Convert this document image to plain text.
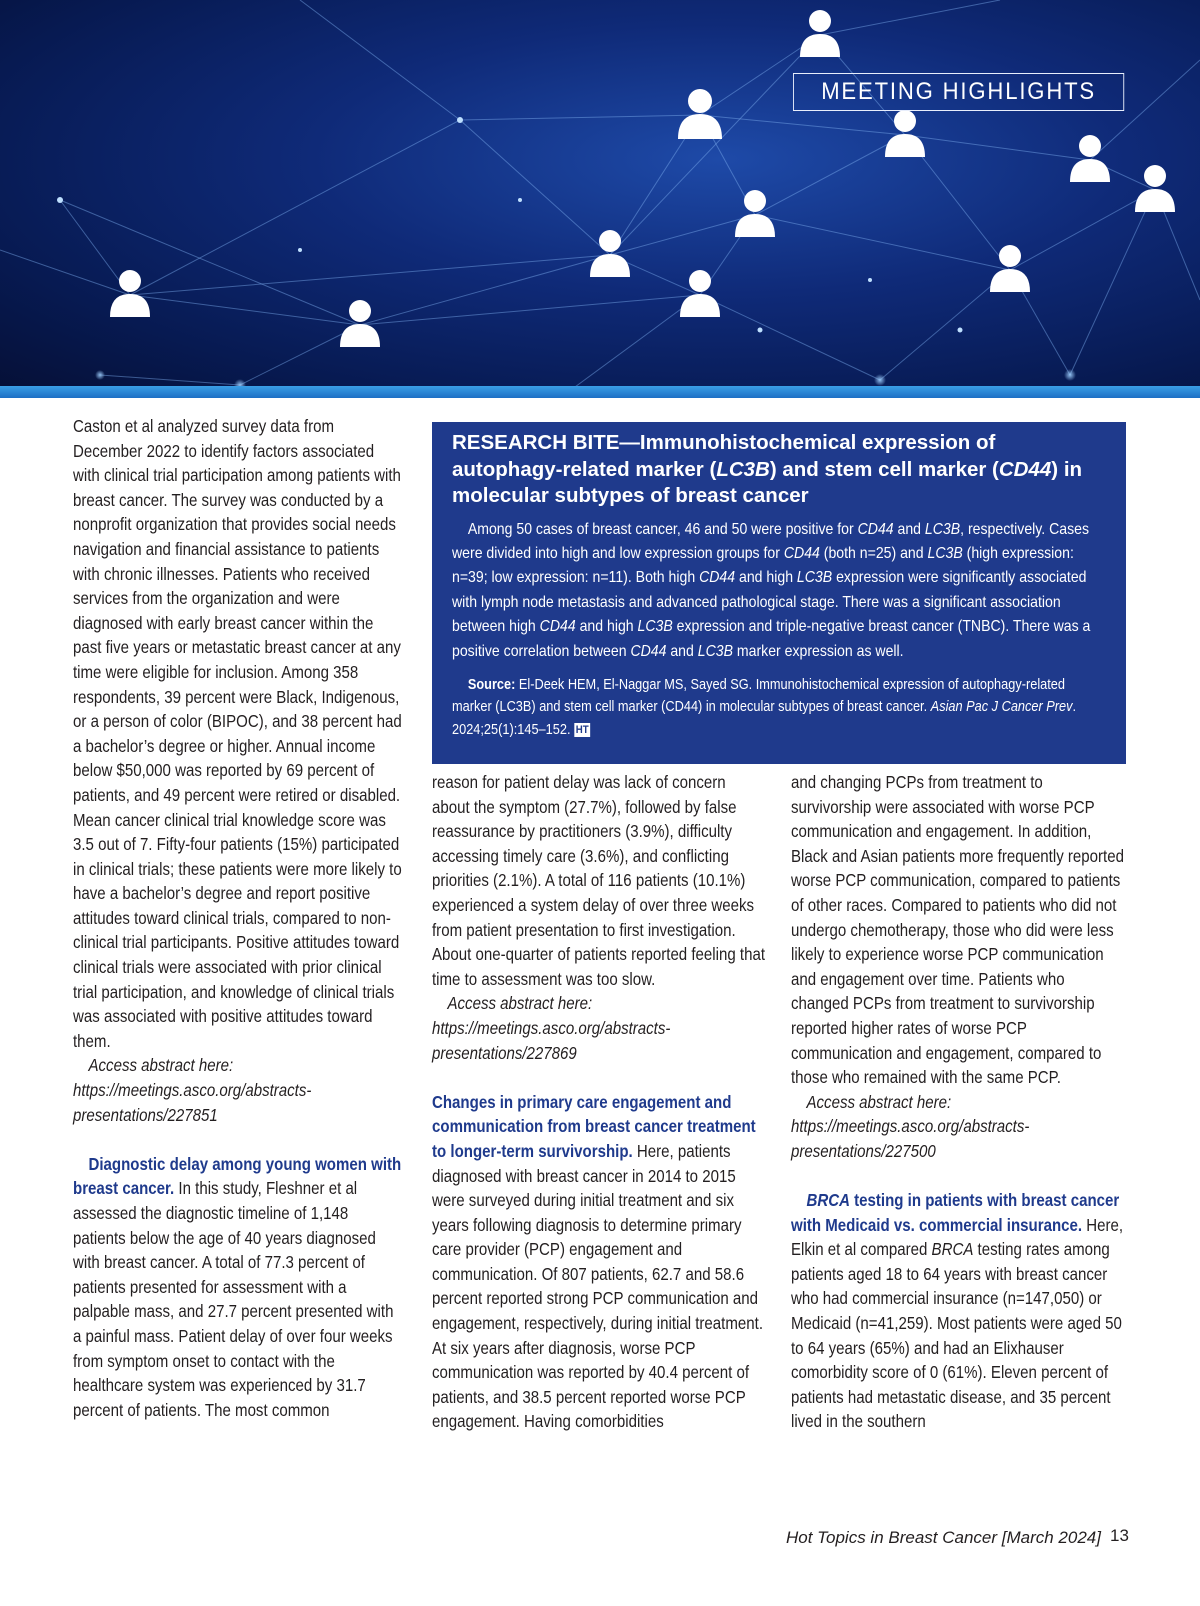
MEETING HIGHLIGHTS

Caston et al analyzed survey data from December 2022 to identify factors associated with clinical trial participation among patients with breast cancer. The survey was conducted by a nonprofit organization that provides social needs navigation and financial assistance to patients with chronic illnesses. Patients who received services from the organization and were diagnosed with early breast cancer within the past five years or metastatic breast cancer at any time were eligible for inclusion. Among 358 respondents, 39 percent were Black, Indigenous, or a person of color (BIPOC), and 38 percent had a bachelor’s degree or higher. Annual income below $50,000 was reported by 69 percent of patients, and 49 percent were retired or disabled. Mean cancer clinical trial knowledge score was 3.5 out of 7. Fifty-four patients (15%) participated in clinical trials; these patients were more likely to have a bachelor’s degree and report positive attitudes toward clinical trials, compared to non-clinical trial participants. Positive attitudes toward clinical trials were associated with prior clinical trial participation, and knowledge of clinical trials was associated with positive attitudes toward them.

Access abstract here: https://meetings.asco.org/abstracts-presentations/227851

Diagnostic delay among young women with breast cancer. In this study, Fleshner et al assessed the diagnostic timeline of 1,148 patients below the age of 40 years diagnosed with breast cancer. A total of 77.3 percent of patients presented for assessment with a palpable mass, and 27.7 percent presented with a painful mass. Patient delay of over four weeks from symptom onset to contact with the healthcare system was experienced by 31.7 percent of patients. The most common

RESEARCH BITE—Immunohistochemical expression of autophagy-related marker (LC3B) and stem cell marker (CD44) in molecular subtypes of breast cancer

Among 50 cases of breast cancer, 46 and 50 were positive for CD44 and LC3B, respectively. Cases were divided into high and low expression groups for CD44 (both n=25) and LC3B (high expression: n=39; low expression: n=11). Both high CD44 and high LC3B expression were significantly associated with lymph node metastasis and advanced pathological stage. There was a significant association between high CD44 and high LC3B expression and triple-negative breast cancer (TNBC). There was a positive correlation between CD44 and LC3B marker expression as well.
Source: El-Deek HEM, El-Naggar MS, Sayed SG. Immunohistochemical expression of autophagy-related marker (LC3B) and stem cell marker (CD44) in molecular subtypes of breast cancer. Asian Pac J Cancer Prev. 2024;25(1):145–152. HT

reason for patient delay was lack of concern about the symptom (27.7%), followed by false reassurance by practitioners (3.9%), difficulty accessing timely care (3.6%), and conflicting priorities (2.1%). A total of 116 patients (10.1%) experienced a system delay of over three weeks from patient presentation to first investigation. About one-quarter of patients reported feeling that time to assessment was too slow.

Access abstract here: https://meetings.asco.org/abstracts-presentations/227869

Changes in primary care engagement and communication from breast cancer treatment to longer-term survivorship. Here, patients diagnosed with breast cancer in 2014 to 2015 were surveyed during initial treatment and six years following diagnosis to determine primary care provider (PCP) engagement and communication. Of 807 patients, 62.7 and 58.6 percent reported strong PCP communication and engagement, respectively, during initial treatment.

At six years after diagnosis, worse PCP communication was reported by 40.4 percent of patients, and 38.5 percent reported worse PCP engagement. Having comorbidities

and changing PCPs from treatment to survivorship were associated with worse PCP communication and engagement. In addition, Black and Asian patients more frequently reported worse PCP communication, compared to patients of other races. Compared to patients who did not undergo chemotherapy, those who did were less likely to experience worse PCP communication and engagement over time. Patients who changed PCPs from treatment to survivorship reported higher rates of worse PCP communication and engagement, compared to those who remained with the same PCP.

Access abstract here: https://meetings.asco.org/abstracts-presentations/227500

BRCA testing in patients with breast cancer with Medicaid vs. commercial insurance. Here, Elkin et al compared BRCA testing rates among patients aged 18 to 64 years with breast cancer who had commercial insurance (n=147,050) or Medicaid (n=41,259). Most patients were aged 50 to 64 years (65%) and had an Elixhauser comorbidity score of 0 (61%). Eleven percent of patients had metastatic disease, and 35 percent lived in the southern

Hot Topics in Breast Cancer [March 2024] 13
